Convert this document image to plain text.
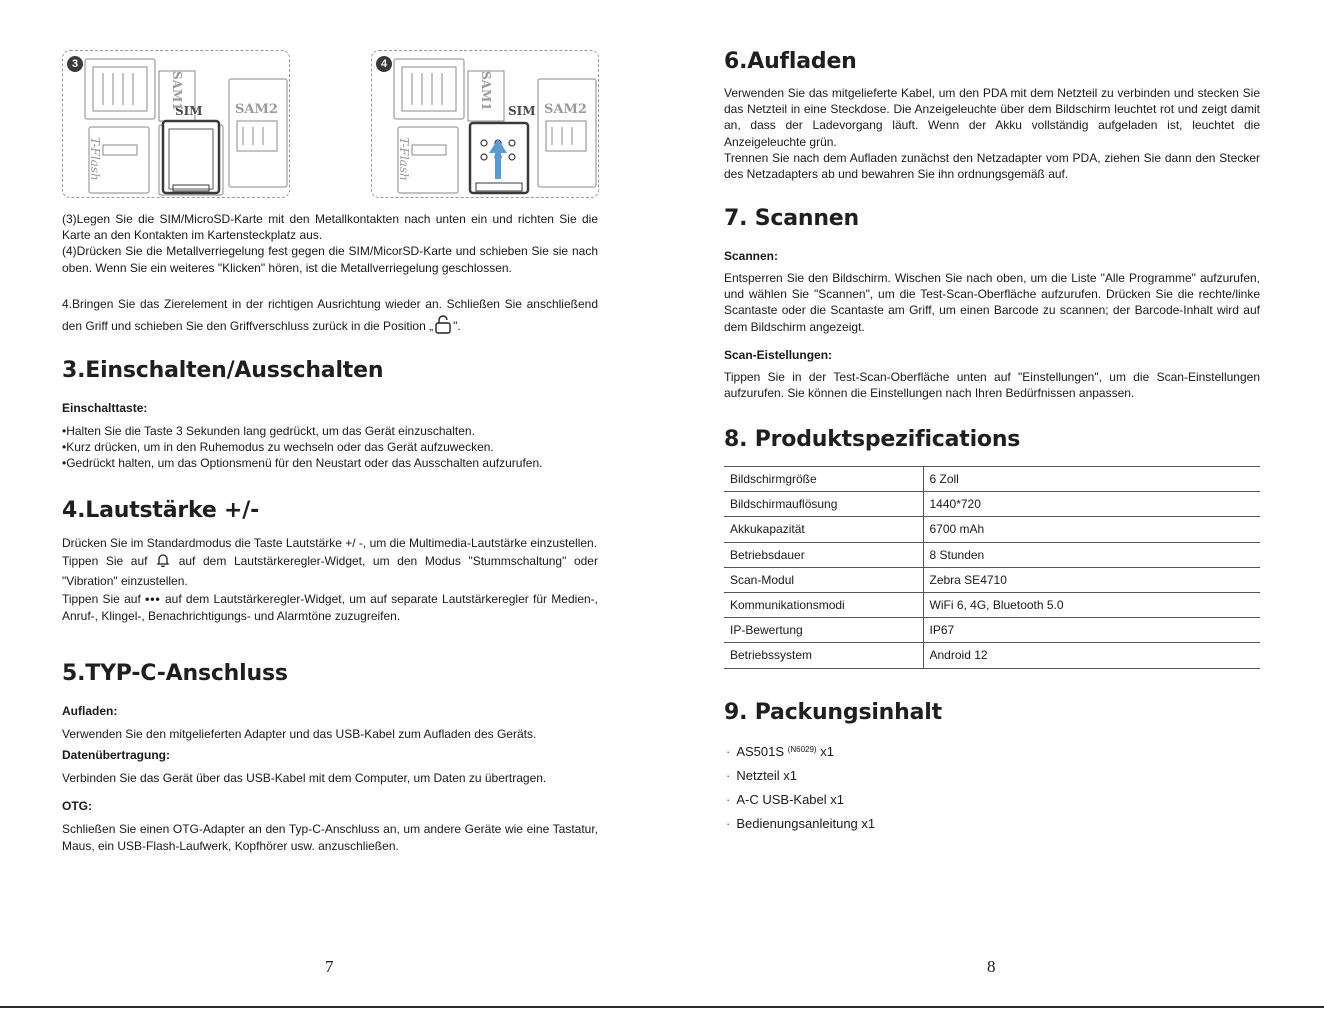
SIM SAM2
SAM1
T-Flash
3
SIM SAM2
SAM1
T-Flash
4

(3)Legen Sie die SIM/MicroSD-Karte mit den Metallkontakten nach unten ein und richten Sie die Karte an den Kontakten im Kartensteckplatz aus.

(4)Drücken Sie die Metallverriegelung fest gegen die SIM/MicorSD-Karte und schieben Sie sie nach oben. Wenn Sie ein weiteres "Klicken" hören, ist die Metallverriegelung geschlossen.

4.Bringen Sie das Zierelement in der richtigen Ausrichtung wieder an. Schließen Sie anschließend den Griff und schieben Sie den Griffverschluss zurück in die Position „ ".
3.Einschalten/Ausschalten
Einschalttaste:

•Halten Sie die Taste 3 Sekunden lang gedrückt, um das Gerät einzuschalten.

•Kurz drücken, um in den Ruhemodus zu wechseln oder das Gerät aufzuwecken.

•Gedrückt halten, um das Optionsmenü für den Neustart oder das Ausschalten aufzurufen.

4.Lautstärke +/-

Drücken Sie im Standardmodus die Taste Lautstärke +/ -, um die Multimedia-Lautstärke einzustellen.

Tippen Sie auf	auf dem Lautstärkeregler-Widget, um den Modus "Stummschaltung" oder "Vibration" einzustellen.

Tippen Sie auf ••• auf dem Lautstärkeregler-Widget, um auf separate Lautstärkeregler für Medien-, Anruf-, Klingel-, Benachrichtigungs- und Alarmtöne zuzugreifen.

5.TYP-C-Anschluss
Aufladen:
Verwenden Sie den mitgelieferten Adapter und das USB-Kabel zum Aufladen des Geräts.
Datenübertragung:
Verbinden Sie das Gerät über das USB-Kabel mit dem Computer, um Daten zu übertragen.
OTG:
Schließen Sie einen OTG-Adapter an den Typ-C-Anschluss an, um andere Geräte wie eine Tastatur, Maus, ein USB-Flash-Laufwerk, Kopfhörer usw. anzuschließen.
7
6.Aufladen

Verwenden Sie das mitgelieferte Kabel, um den PDA mit dem Netzteil zu verbinden und stecken Sie das Netzteil in eine Steckdose. Die Anzeigeleuchte über dem Bildschirm leuchtet rot und zeigt damit an, dass der Ladevorgang läuft. Wenn der Akku vollständig aufgeladen ist, leuchtet die Anzeigeleuchte grün.

Trennen Sie nach dem Aufladen zunächst den Netzadapter vom PDA, ziehen Sie dann den Stecker des Netzadapters ab und bewahren Sie ihn ordnungsgemäß auf.

7. Scannen
Scannen:
Entsperren Sie den Bildschirm. Wischen Sie nach oben, um die Liste "Alle Programme" aufzurufen, und wählen Sie "Scannen", um die Test-Scan-Oberfläche aufzurufen. Drücken Sie die rechte/linke Scantaste oder die Scantaste am Griff, um einen Barcode zu scannen; der Barcode-Inhalt wird auf dem Bildschirm angezeigt.
Scan-Eistellungen:
Tippen Sie in der Test-Scan-Oberfläche unten auf "Einstellungen", um die Scan-Einstellungen aufzurufen. Sie können die Einstellungen nach Ihren Bedürfnissen anpassen.
8. Produktspezifications
Bildschirmgröße	6 Zoll
Bildschirmauflösung	1440*720
Akkukapazität	6700 mAh
Betriebsdauer	8 Stunden
Scan-Modul	Zebra SE4710
Kommunikationsmodi	WiFi 6, 4G, Bluetooth 5.0
IP-Bewertung	IP67
Betriebssystem	Android 12
9. Packungsinhalt
· AS501S $^{(N6029)}$ x1
· Netzteil x1
· A-C USB-Kabel x1
· Bedienungsanleitung x1
8
